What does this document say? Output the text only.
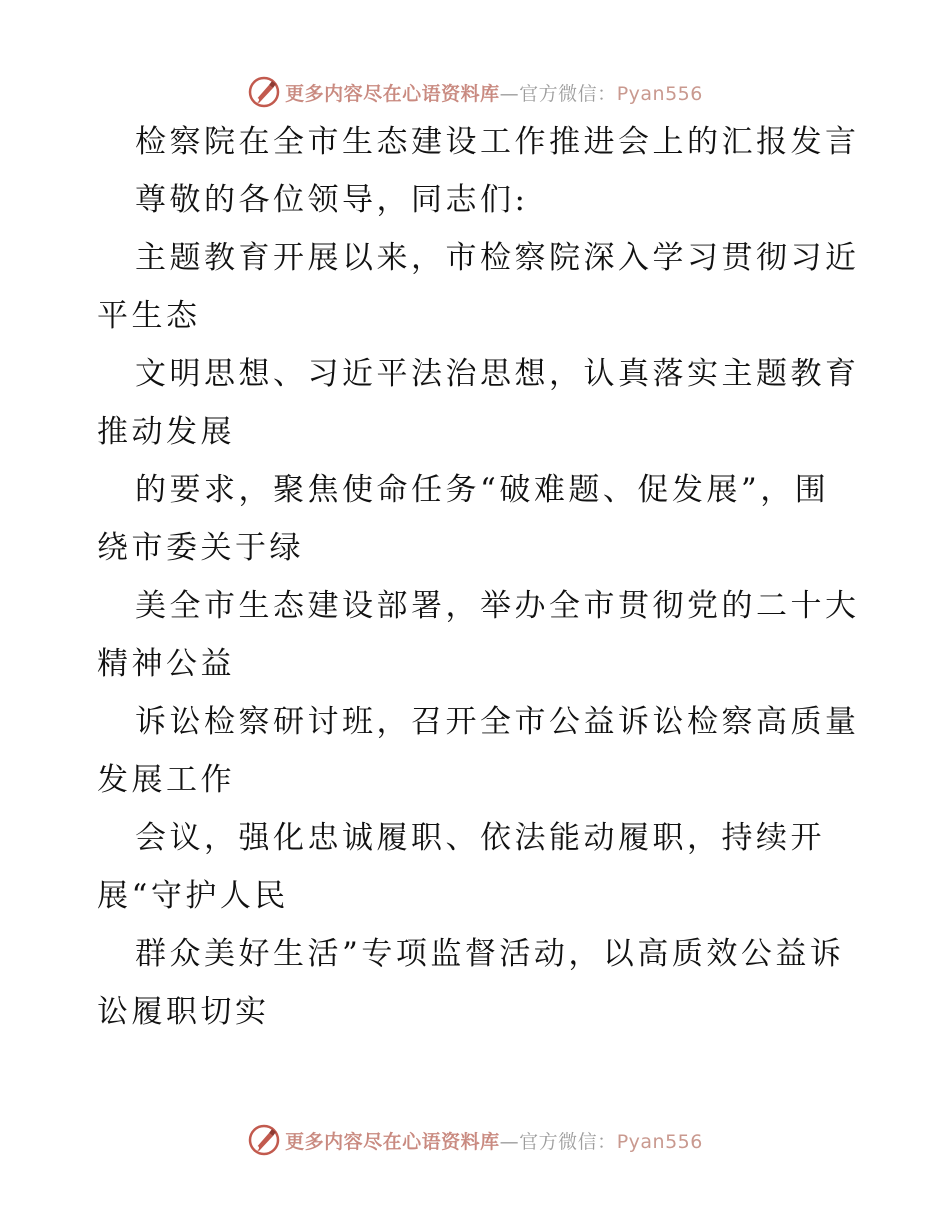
更多内容尽在心语资料库—官方微信：Pyan556
检察院在全市生态建设工作推进会上的汇报发言
尊敬的各位领导，同志们:
主题教育开展以来，市检察院深入学习贯彻习近
平生态
文明思想、习近平法治思想，认真落实主题教育
推动发展
的要求，聚焦使命任务“破难题、促发展”，围
绕市委关于绿
美全市生态建设部署，举办全市贯彻党的二十大
精神公益
诉讼检察研讨班，召开全市公益诉讼检察高质量
发展工作
会议，强化忠诚履职、依法能动履职，持续开
展“守护人民
群众美好生活”专项监督活动，以高质效公益诉
讼履职切实
更多内容尽在心语资料库—官方微信：Pyan556
